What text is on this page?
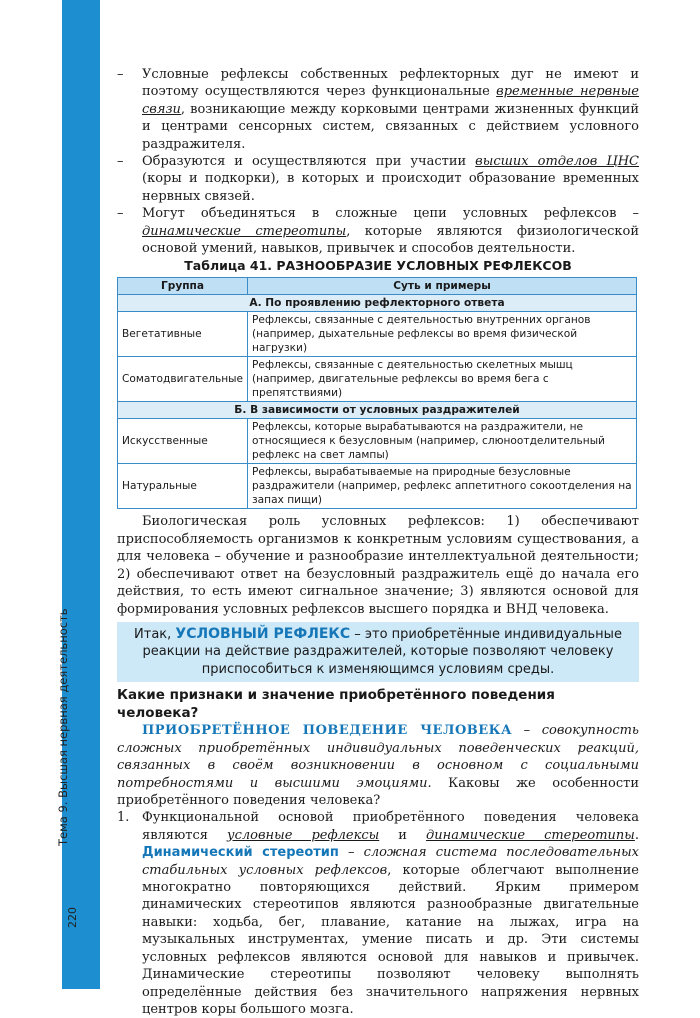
Тема 9. Высшая нервная деятельность
220
– Условные рефлексы собственных рефлекторных дуг не имеют и поэтому осуществляются через функциональные временные нервные связи, возникающие между корковыми центрами жизненных функций и центрами сенсорных систем, связанных с действием условного раздражителя.
– Образуются и осуществляются при участии высших отделов ЦНС (коры и подкорки), в которых и происходит образование временных нервных связей.
– Могут объединяться в сложные цепи условных рефлексов – динамические стереотипы, которые являются физиологической основой умений, навыков, привычек и способов деятельности.
Таблица 41. РАЗНООБРАЗИЕ УСЛОВНЫХ РЕФЛЕКСОВ
Группа	Суть и примеры
А. По проявлению рефлекторного ответа	
Вегетативные	Рефлексы, связанные с деятельностью внутренних органов (например, дыхательные рефлексы во время физической нагрузки)
Соматодвигательные	Рефлексы, связанные с деятельностью скелетных мышц (например, двигательные рефлексы во время бега с препятствиями)
Б. В зависимости от условных раздражителей	
Искусственные	Рефлексы, которые вырабатываются на раздражители, не относящиеся к безусловным (например, слюноотделительный рефлекс на свет лампы)
Натуральные	Рефлексы, вырабатываемые на природные безусловные раздражители (например, рефлекс аппетитного сокоотделения на запах пищи)

Биологическая роль условных рефлексов: 1) обеспечивают приспособляемость организмов к конкретным условиям существования, а для человека – обучение и разнообразие интеллектуальной деятельности; 2) обеспечивают ответ на безусловный раздражитель ещё до начала его действия, то есть имеют сигнальное значение; 3) являются основой для формирования условных рефлексов высшего порядка и ВНД человека.

Итак, УСЛОВНЫЙ РЕФЛЕКС – это приобретённые индивидуальные реакции на действие раздражителей, которые позволяют человеку приспособиться к изменяющимся условиям среды.
Какие признаки и значение приобретённого поведения человека?

ПРИОБРЕТЁННОЕ ПОВЕДЕНИЕ ЧЕЛОВЕКА – совокупность сложных приобретённых индивидуальных поведенческих реакций, связанных в своём возникновении в основном с социальными потребностями и высшими эмоциями. Каковы же особенности приобретённого поведения человека?

1. Функциональной основой приобретённого поведения человека являются условные рефлексы и динамические стереотипы. Динамический стереотип – сложная система последовательных стабильных условных рефлексов, которые облегчают выполнение многократно повторяющихся действий. Ярким примером динамических стереотипов являются разнообразные двигательные навыки: ходьба, бег, плавание, катание на лыжах, игра на музыкальных инструментах, умение писать и др. Эти системы условных рефлексов являются основой для навыков и привычек. Динамические стереотипы позволяют человеку выполнять определённые действия без значительного напряжения нервных центров коры большого мозга.
